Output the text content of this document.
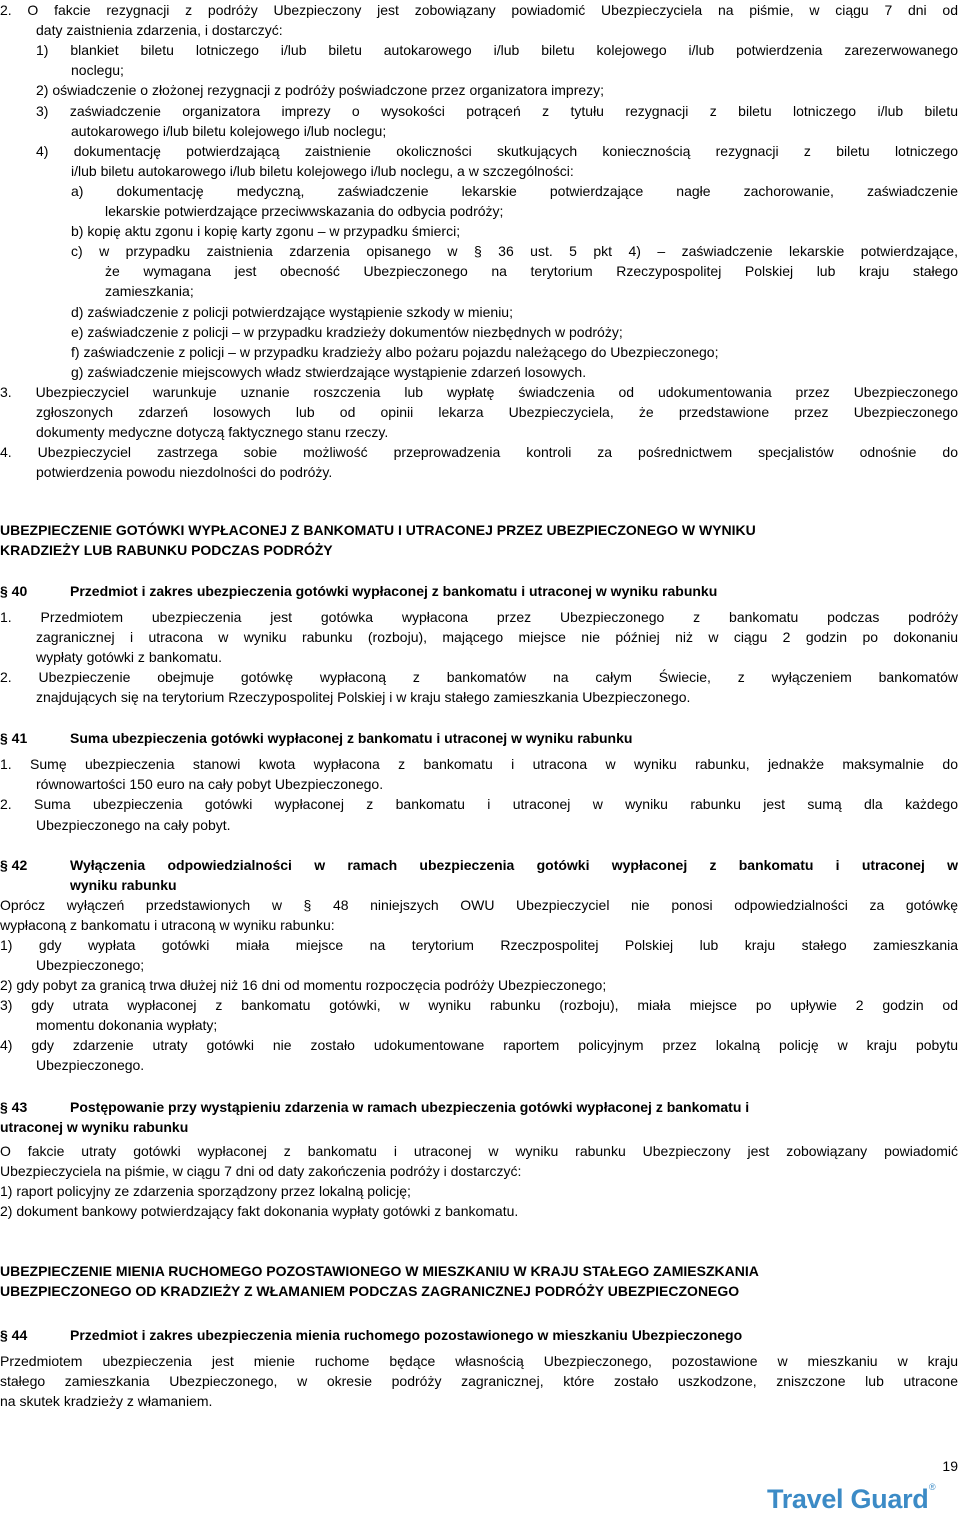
2. O fakcie rezygnacji z podróży Ubezpieczony jest zobowiązany powiadomić Ubezpieczyciela na piśmie, w ciągu 7 dni od
daty zaistnienia zdarzenia, i dostarczyć:
1) blankiet biletu lotniczego i/lub biletu autokarowego i/lub biletu kolejowego i/lub potwierdzenia zarezerwowanego
noclegu;
2) oświadczenie o złożonej rezygnacji z podróży poświadczone przez organizatora imprezy;
3) zaświadczenie organizatora imprezy o wysokości potrąceń z tytułu rezygnacji z biletu lotniczego i/lub biletu
autokarowego i/lub biletu kolejowego i/lub noclegu;
4) dokumentację potwierdzającą zaistnienie okoliczności skutkujących koniecznością rezygnacji z biletu lotniczego
i/lub biletu autokarowego i/lub biletu kolejowego i/lub noclegu, a w szczególności:
a) dokumentację medyczną, zaświadczenie lekarskie potwierdzające nagłe zachorowanie, zaświadczenie
lekarskie potwierdzające przeciwwskazania do odbycia podróży;
b) kopię aktu zgonu i kopię karty zgonu – w przypadku śmierci;
c) w przypadku zaistnienia zdarzenia opisanego w § 36 ust. 5 pkt 4) – zaświadczenie lekarskie potwierdzające,
że wymagana jest obecność Ubezpieczonego na terytorium Rzeczypospolitej Polskiej lub kraju stałego
zamieszkania;
d) zaświadczenie z policji potwierdzające wystąpienie szkody w mieniu;
e) zaświadczenie z policji – w przypadku kradzieży dokumentów niezbędnych w podróży;
f) zaświadczenie z policji – w przypadku kradzieży albo pożaru pojazdu należącego do Ubezpieczonego;
g) zaświadczenie miejscowych władz stwierdzające wystąpienie zdarzeń losowych.
3. Ubezpieczyciel warunkuje uznanie roszczenia lub wypłatę świadczenia od udokumentowania przez Ubezpieczonego
zgłoszonych zdarzeń losowych lub od opinii lekarza Ubezpieczyciela, że przedstawione przez Ubezpieczonego
dokumenty medyczne dotyczą faktycznego stanu rzeczy.
4. Ubezpieczyciel zastrzega sobie możliwość przeprowadzenia kontroli za pośrednictwem specjalistów odnośnie do
potwierdzenia powodu niezdolności do podróży.
UBEZPIECZENIE GOTÓWKI WYPŁACONEJ Z BANKOMATU I UTRACONEJ PRZEZ UBEZPIECZONEGO W WYNIKU
KRADZIEŻY LUB RABUNKU PODCZAS PODRÓŻY
§ 40	Przedmiot i zakres ubezpieczenia gotówki wypłaconej z bankomatu i utraconej w wyniku rabunku
1. Przedmiotem ubezpieczenia jest gotówka wypłacona przez Ubezpieczonego z bankomatu podczas podróży
zagranicznej i utracona w wyniku rabunku (rozboju), mającego miejsce nie później niż w ciągu 2 godzin po dokonaniu
wypłaty gotówki z bankomatu.
2. Ubezpieczenie obejmuje gotówkę wypłaconą z bankomatów na całym Świecie, z wyłączeniem bankomatów
znajdujących się na terytorium Rzeczypospolitej Polskiej i w kraju stałego zamieszkania Ubezpieczonego.
§ 41	Suma ubezpieczenia gotówki wypłaconej z bankomatu i utraconej w wyniku rabunku
1. Sumę ubezpieczenia stanowi kwota wypłacona z bankomatu i utracona w wyniku rabunku, jednakże maksymalnie do
równowartości 150 euro na cały pobyt Ubezpieczonego.
2. Suma ubezpieczenia gotówki wypłaconej z bankomatu i utraconej w wyniku rabunku jest sumą dla każdego
Ubezpieczonego na cały pobyt.
§ 42	Wyłączenia odpowiedzialności w ramach ubezpieczenia gotówki wypłaconej z bankomatu i utraconej w
wyniku rabunku
Oprócz wyłączeń przedstawionych w § 48 niniejszych OWU Ubezpieczyciel nie ponosi odpowiedzialności za gotówkę
wypłaconą z bankomatu i utraconą w wyniku rabunku:
1) gdy wypłata gotówki miała miejsce na terytorium Rzeczpospolitej Polskiej lub kraju stałego zamieszkania
Ubezpieczonego;
2) gdy pobyt za granicą trwa dłużej niż 16 dni od momentu rozpoczęcia podróży Ubezpieczonego;
3) gdy utrata wypłaconej z bankomatu gotówki, w wyniku rabunku (rozboju), miała miejsce po upływie 2 godzin od
momentu dokonania wypłaty;
4) gdy zdarzenie utraty gotówki nie zostało udokumentowane raportem policyjnym przez lokalną policję w kraju pobytu
Ubezpieczonego.
§ 43	Postępowanie przy wystąpieniu zdarzenia w ramach ubezpieczenia gotówki wypłaconej z bankomatu i
utraconej w wyniku rabunku
O fakcie utraty gotówki wypłaconej z bankomatu i utraconej w wyniku rabunku Ubezpieczony jest zobowiązany powiadomić
Ubezpieczyciela na piśmie, w ciągu 7 dni od daty zakończenia podróży i dostarczyć:
1) raport policyjny ze zdarzenia sporządzony przez lokalną policję;
2) dokument bankowy potwierdzający fakt dokonania wypłaty gotówki z bankomatu.
UBEZPIECZENIE MIENIA RUCHOMEGO POZOSTAWIONEGO W MIESZKANIU W KRAJU STAŁEGO ZAMIESZKANIA
UBEZPIECZONEGO OD KRADZIEŻY Z WŁAMANIEM PODCZAS ZAGRANICZNEJ PODRÓŻY UBEZPIECZONEGO
§ 44	Przedmiot i zakres ubezpieczenia mienia ruchomego pozostawionego w mieszkaniu Ubezpieczonego
Przedmiotem ubezpieczenia jest mienie ruchome będące własnością Ubezpieczonego, pozostawione w mieszkaniu w kraju
stałego zamieszkania Ubezpieczonego, w okresie podróży zagranicznej, które zostało uszkodzone, zniszczone lub utracone
na skutek kradzieży z włamaniem.
19
Travel Guard ®
